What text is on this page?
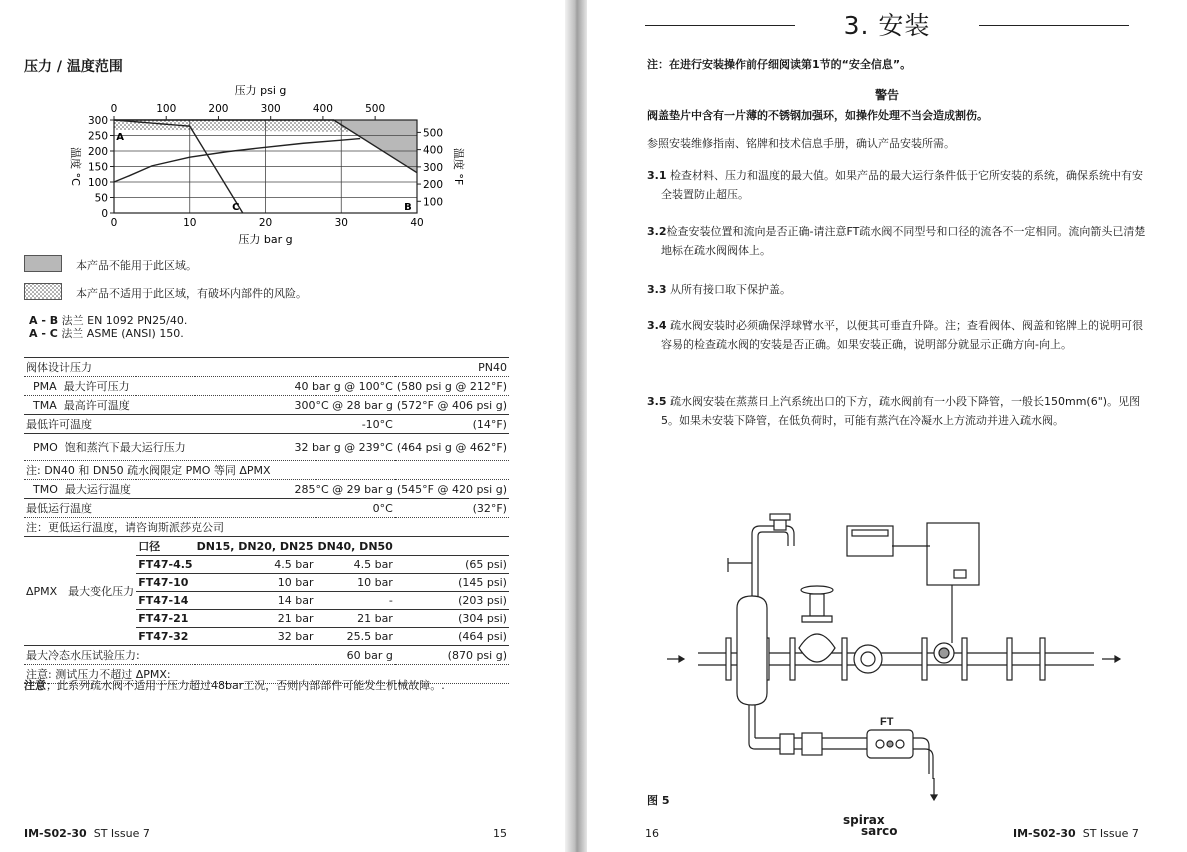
压力 / 温度范围
A
B
C
压力 psi g
0	100	200	300	400	500
0	10	20	30	40
压力 bar g
300
250
200
150
100
50
0
温度 °C
500
400
300
200
100
温度 °F
本产品不能用于此区域。
本产品不适用于此区域，有破坏内部件的风险。
A - B 法兰 EN 1092 PN25/40.
A - C 法兰 ASME (ANSI) 150.
阀体设计压力				PN40
PMA 最大许可压力		40 bar g @ 100°C		(580 psi g @ 212°F)
TMA 最高许可温度		300°C @ 28 bar g		(572°F @ 406 psi g)
最低许可温度		-10°C		(14°F)
PMO 饱和蒸汽下最大运行压力		32 bar g @ 239°C		(464 psi g @ 462°F)
注: DN40 和 DN50 疏水阀限定 PMO 等同 ΔPMX				
TMO 最大运行温度		285°C @ 29 bar g		(545°F @ 420 psi g)
最低运行温度		0°C		(32°F)
注：更低运行温度，请咨询斯派莎克公司				
ΔPMX　最大变化压力	口径	DN15, DN20, DN25	DN40, DN50	
	FT47-4.5	4.5 bar	4.5 bar	(65 psi)
	FT47-10	10 bar	10 bar	(145 psi)
	FT47-14	14 bar	-	(203 psi)
	FT47-21	21 bar	21 bar	(304 psi)
	FT47-32	32 bar	25.5 bar	(464 psi)
最大冷态水压试验压力:		60 bar g		(870 psi g)
注意: 测试压力不超过 ΔPMX:				
注意；此系列疏水阀不适用于压力超过48bar工况，否则内部部件可能发生机械故障。.
IM-S02-30 ST Issue 7	15
3. 安装
注：在进行安装操作前仔细阅读第1节的“安全信息”。
警告
阀盖垫片中含有一片薄的不锈钢加强环，如操作处理不当会造成割伤。
参照安装维修指南、铭牌和技术信息手册，确认产品安装所需。
3.1 检查材料、压力和温度的最大值。如果产品的最大运行条件低于它所安装的系统，确保系统中有安全装置防止超压。
3.2检查安装位置和流向是否正确-请注意FT疏水阀不同型号和口径的流各不一定相同。流向箭头已清楚地标在疏水阀阀体上。
3.3 从所有接口取下保护盖。
3.4 疏水阀安装时必须确保浮球臂水平，以便其可垂直升降。注；查看阀体、阀盖和铭牌上的说明可很容易的检查疏水阀的安装是否正确。如果安装正确，说明部分就显示正确方向-向上。
3.5 疏水阀安装在蒸蒸日上汽系统出口的下方，疏水阀前有一小段下降管，一般长150mm(6")。见图5。如果未安装下降管，在低负荷时，可能有蒸汽在冷凝水上方流动并进入疏水阀。
FT
图 5
16
spirax
sarco	IM-S02-30 ST Issue 7
